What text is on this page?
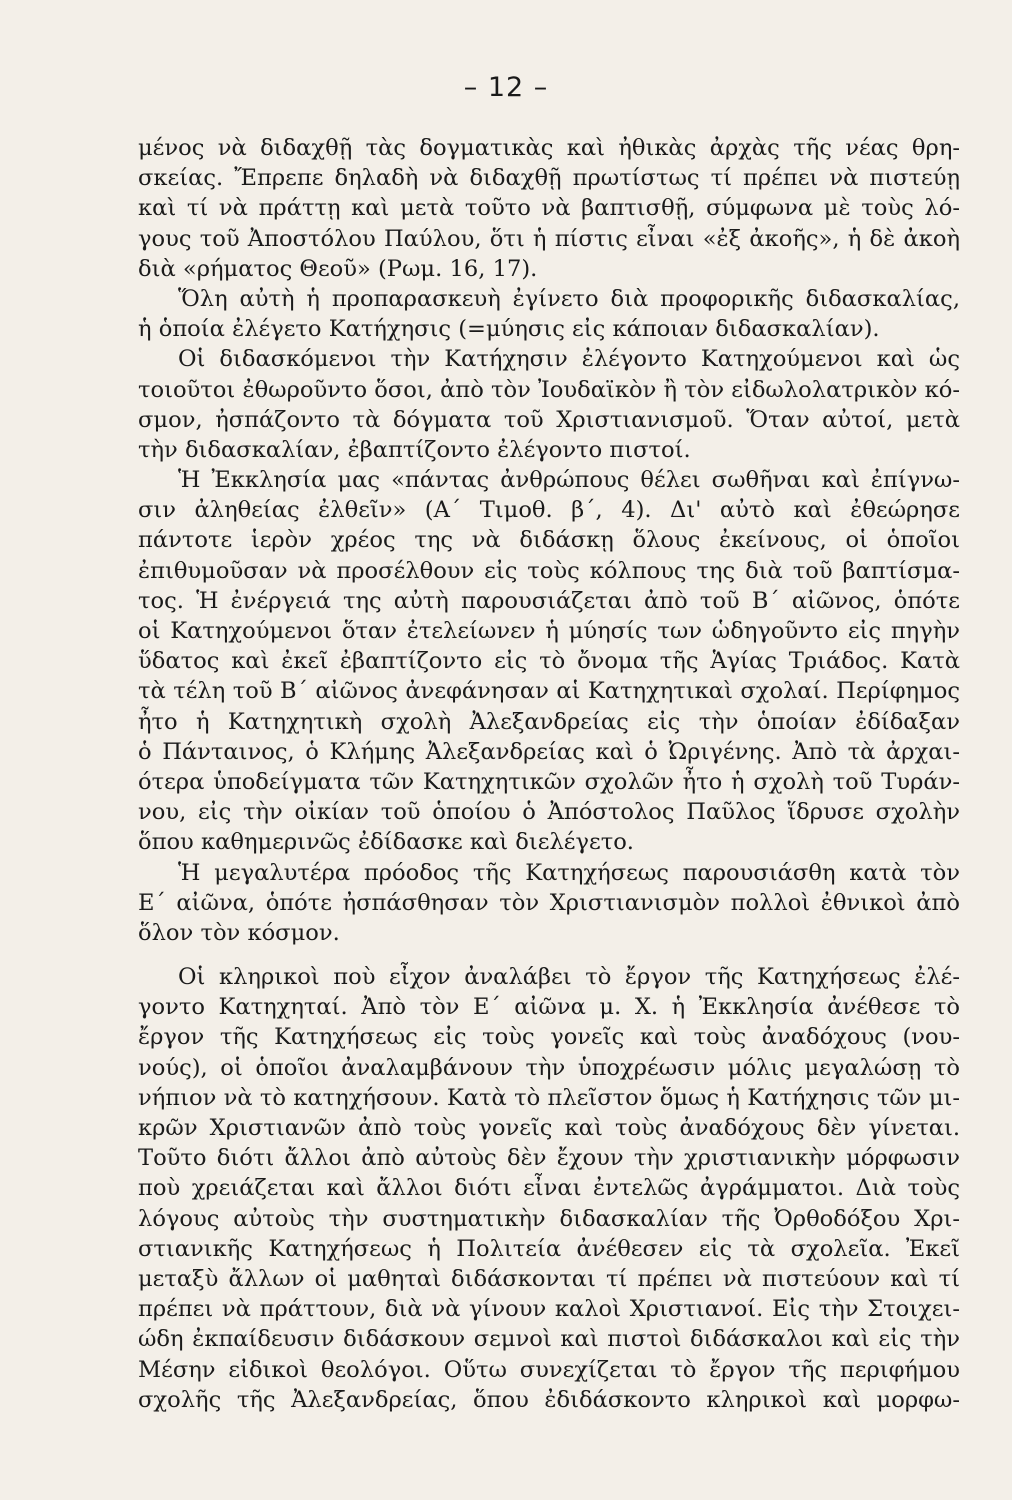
– 12 –
μένος νὰ διδαχθῇ τὰς δογματικὰς καὶ ἠθικὰς ἀρχὰς τῆς νέας θρη-
σκείας. Ἔπρεπε δηλαδὴ νὰ διδαχθῇ πρωτίστως τί πρέπει νὰ πιστεύῃ
καὶ τί νὰ πράττῃ καὶ μετὰ τοῦτο νὰ βαπτισθῇ, σύμφωνα μὲ τοὺς λό-
γους τοῦ Ἀποστόλου Παύλου, ὅτι ἡ πίστις εἶναι «ἐξ ἀκοῆς», ἡ δὲ ἀκοὴ
διὰ «ρήματος Θεοῦ» (Ρωμ. 16, 17).
Ὅλη αὐτὴ ἡ προπαρασκευὴ ἐγίνετο διὰ προφορικῆς διδασκαλίας,
ἡ ὁποία ἐλέγετο Κατήχησις (=μύησις εἰς κάποιαν διδασκαλίαν).
Οἱ διδασκόμενοι τὴν Κατήχησιν ἐλέγοντο Κατηχούμενοι καὶ ὡς
τοιοῦτοι ἐθωροῦντο ὅσοι, ἀπὸ τὸν Ἰουδαϊκὸν ἢ τὸν εἰδωλολατρικὸν κό-
σμον, ἠσπάζοντο τὰ δόγματα τοῦ Χριστιανισμοῦ. Ὅταν αὐτοί, μετὰ
τὴν διδασκαλίαν, ἐβαπτίζοντο ἐλέγοντο πιστοί.
Ἡ Ἐκκλησία μας «πάντας ἀνθρώπους θέλει σωθῆναι καὶ ἐπίγνω-
σιν ἀληθείας ἐλθεῖν» (Α΄ Τιμοθ. β΄, 4). Δι' αὐτὸ καὶ ἐθεώρησε
πάντοτε ἱερὸν χρέος της νὰ διδάσκῃ ὅλους ἐκείνους, οἱ ὁποῖοι
ἐπιθυμοῦσαν νὰ προσέλθουν εἰς τοὺς κόλπους της διὰ τοῦ βαπτίσμα-
τος. Ἡ ἐνέργειά της αὐτὴ παρουσιάζεται ἀπὸ τοῦ Β΄ αἰῶνος, ὁπότε
οἱ Κατηχούμενοι ὅταν ἐτελείωνεν ἡ μύησίς των ὡδηγοῦντο εἰς πηγὴν
ὕδατος καὶ ἐκεῖ ἐβαπτίζοντο εἰς τὸ ὄνομα τῆς Ἁγίας Τριάδος. Κατὰ
τὰ τέλη τοῦ Β΄ αἰῶνος ἀνεφάνησαν αἱ Κατηχητικαὶ σχολαί. Περίφημος
ἦτο ἡ Κατηχητικὴ σχολὴ Ἀλεξανδρείας εἰς τὴν ὁποίαν ἐδίδαξαν
ὁ Πάνταινος, ὁ Κλήμης Ἀλεξανδρείας καὶ ὁ Ὠριγένης. Ἀπὸ τὰ ἀρχαι-
ότερα ὑποδείγματα τῶν Κατηχητικῶν σχολῶν ἦτο ἡ σχολὴ τοῦ Τυράν-
νου, εἰς τὴν οἰκίαν τοῦ ὁποίου ὁ Ἀπόστολος Παῦλος ἵδρυσε σχολὴν
ὅπου καθημερινῶς ἐδίδασκε καὶ διελέγετο.
Ἡ μεγαλυτέρα πρόοδος τῆς Κατηχήσεως παρουσιάσθη κατὰ τὸν
Ε΄ αἰῶνα, ὁπότε ἠσπάσθησαν τὸν Χριστιανισμὸν πολλοὶ ἐθνικοὶ ἀπὸ
ὅλον τὸν κόσμον.
Οἱ κληρικοὶ ποὺ εἶχον ἀναλάβει τὸ ἔργον τῆς Κατηχήσεως ἐλέ-
γοντο Κατηχηταί. Ἀπὸ τὸν Ε΄ αἰῶνα μ. Χ. ἡ Ἐκκλησία ἀνέθεσε τὸ
ἔργον τῆς Κατηχήσεως εἰς τοὺς γονεῖς καὶ τοὺς ἀναδόχους (νου-
νούς), οἱ ὁποῖοι ἀναλαμβάνουν τὴν ὑποχρέωσιν μόλις μεγαλώσῃ τὸ
νήπιον νὰ τὸ κατηχήσουν. Κατὰ τὸ πλεῖστον ὅμως ἡ Κατήχησις τῶν μι-
κρῶν Χριστιανῶν ἀπὸ τοὺς γονεῖς καὶ τοὺς ἀναδόχους δὲν γίνεται.
Τοῦτο διότι ἄλλοι ἀπὸ αὐτοὺς δὲν ἔχουν τὴν χριστιανικὴν μόρφωσιν
ποὺ χρειάζεται καὶ ἄλλοι διότι εἶναι ἐντελῶς ἀγράμματοι. Διὰ τοὺς
λόγους αὐτοὺς τὴν συστηματικὴν διδασκαλίαν τῆς Ὀρθοδόξου Χρι-
στιανικῆς Κατηχήσεως ἡ Πολιτεία ἀνέθεσεν εἰς τὰ σχολεῖα. Ἐκεῖ
μεταξὺ ἄλλων οἱ μαθηταὶ διδάσκονται τί πρέπει νὰ πιστεύουν καὶ τί
πρέπει νὰ πράττουν, διὰ νὰ γίνουν καλοὶ Χριστιανοί. Εἰς τὴν Στοιχει-
ώδη ἐκπαίδευσιν διδάσκουν σεμνοὶ καὶ πιστοὶ διδάσκαλοι καὶ εἰς τὴν
Μέσην εἰδικοὶ θεολόγοι. Οὕτω συνεχίζεται τὸ ἔργον τῆς περιφήμου
σχολῆς τῆς Ἀλεξανδρείας, ὅπου ἐδιδάσκοντο κληρικοὶ καὶ μορφω-
